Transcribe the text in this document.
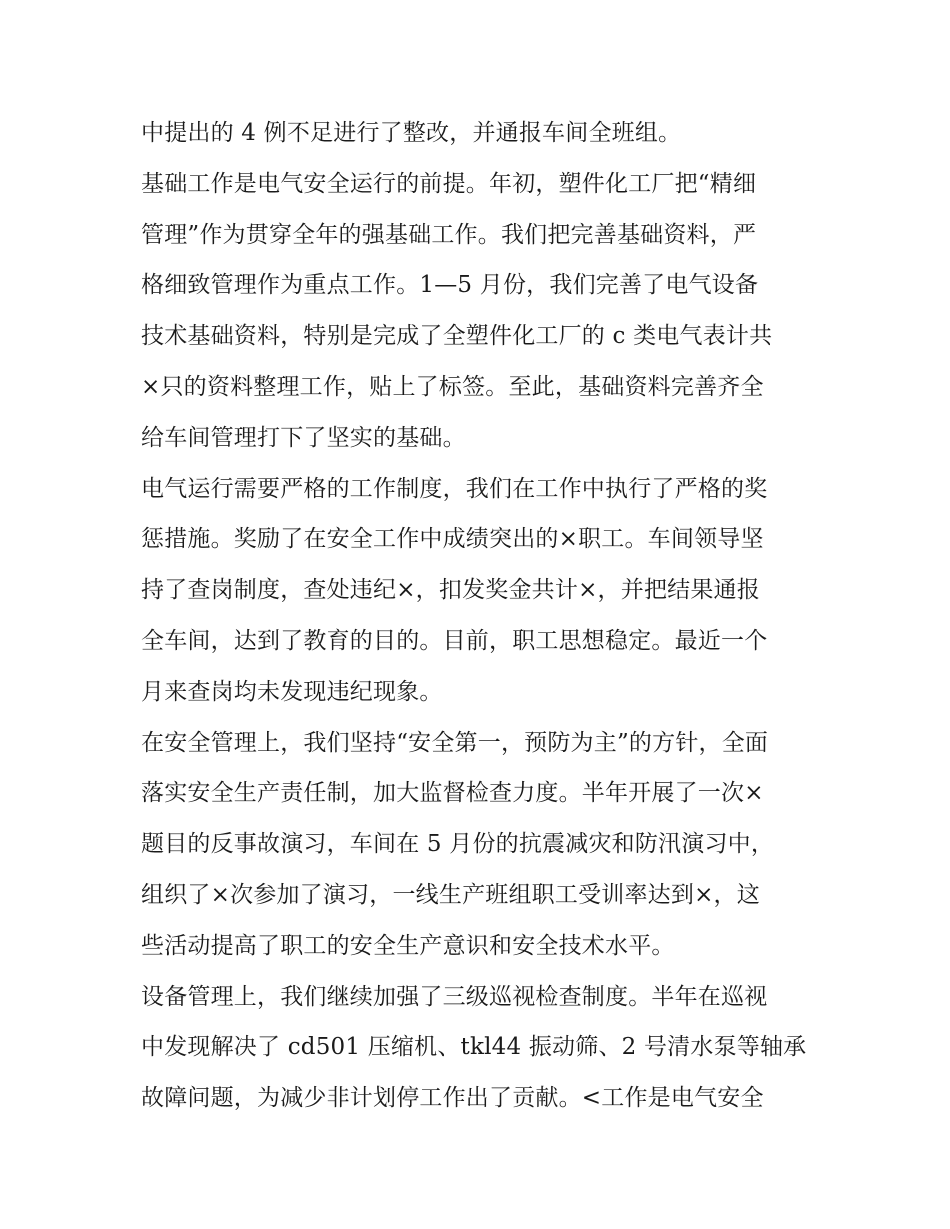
中提出的 4 例不足进行了整改，并通报车间全班组。
基础工作是电气安全运行的前提。年初，塑件化工厂把“精细
管理”作为贯穿全年的强基础工作。我们把完善基础资料，严
格细致管理作为重点工作。1—5 月份，我们完善了电气设备
技术基础资料，特别是完成了全塑件化工厂的 c 类电气表计共
×只的资料整理工作，贴上了标签。至此，基础资料完善齐全
给车间管理打下了坚实的基础。
电气运行需要严格的工作制度，我们在工作中执行了严格的奖
惩措施。奖励了在安全工作中成绩突出的×职工。车间领导坚
持了查岗制度，查处违纪×，扣发奖金共计×，并把结果通报
全车间，达到了教育的目的。目前，职工思想稳定。最近一个
月来查岗均未发现违纪现象。
在安全管理上，我们坚持“安全第一，预防为主”的方针，全面
落实安全生产责任制，加大监督检查力度。半年开展了一次×
题目的反事故演习，车间在 5 月份的抗震减灾和防汛演习中，
组织了×次参加了演习，一线生产班组职工受训率达到×，这
些活动提高了职工的安全生产意识和安全技术水平。
设备管理上，我们继续加强了三级巡视检查制度。半年在巡视
中发现解决了 cd501 压缩机、tkl44 振动筛、2 号清水泵等轴承
故障问题，为减少非计划停工作出了贡献。<工作是电气安全
